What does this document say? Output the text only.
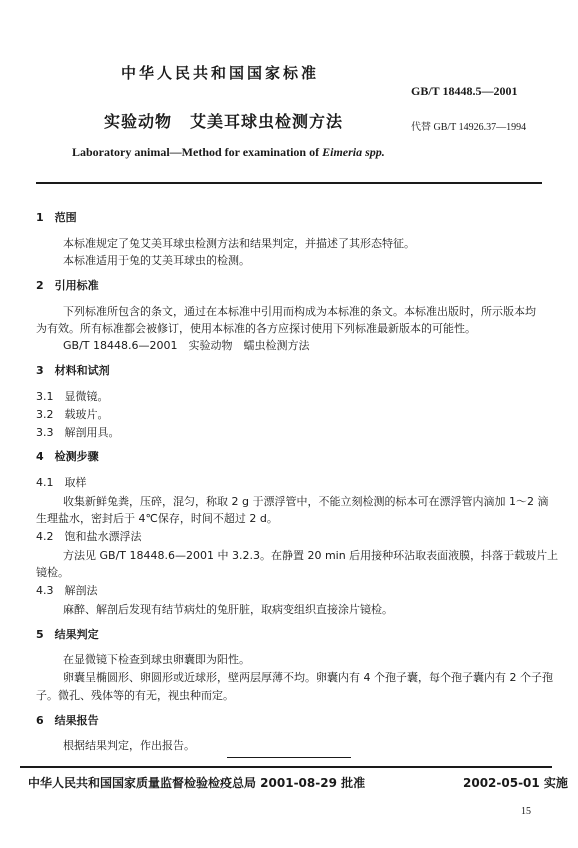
中华人民共和国国家标准
GB/T 18448.5—2001
实验动物 艾美耳球虫检测方法	代替 GB/T 14926.37—1994
Laboratory animal—Method for examination of Eimeria spp.
1　范围
本标准规定了兔艾美耳球虫检测方法和结果判定，并描述了其形态特征。
本标准适用于兔的艾美耳球虫的检测。
2　引用标准
下列标准所包含的条文，通过在本标准中引用而构成为本标准的条文。本标准出版时，所示版本均
为有效。所有标准都会被修订，使用本标准的各方应探讨使用下列标准最新版本的可能性。
GB/T 18448.6—2001　实验动物　蠕虫检测方法
3　材料和试剂
3.1　显微镜。
3.2　载玻片。
3.3　解剖用具。
4　检测步骤
4.1　取样
收集新鲜兔粪，压碎，混匀，称取 2 g 于漂浮管中，不能立刻检测的标本可在漂浮管内滴加 1～2 滴
生理盐水，密封后于 4℃保存，时间不超过 2 d。
4.2　饱和盐水漂浮法
方法见 GB/T 18448.6—2001 中 3.2.3。在静置 20 min 后用接种环沾取表面液膜，抖落于载玻片上
镜检。
4.3　解剖法
麻醉、解剖后发现有结节病灶的兔肝脏，取病变组织直接涂片镜检。
5　结果判定
在显微镜下检查到球虫卵囊即为阳性。
卵囊呈椭圆形、卵圆形或近球形，壁两层厚薄不均。卵囊内有 4 个孢子囊，每个孢子囊内有 2 个子孢
子。微孔、残体等的有无，视虫种而定。
6　结果报告
根据结果判定，作出报告。
中华人民共和国国家质量监督检验检疫总局 2001-08-29 批准	2002-05-01 实施
15
